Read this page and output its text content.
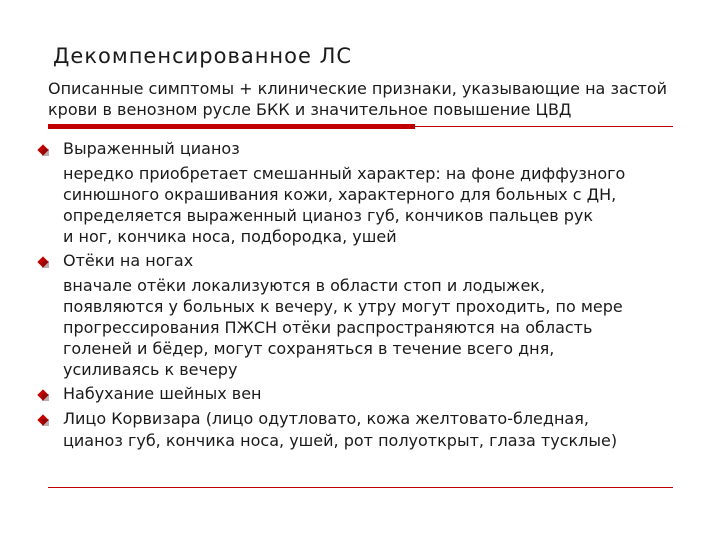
Декомпенсированное ЛС
Описанные симптомы + клинические признаки, указывающие на застой
крови в венозном русле БКК и значительное повышение ЦВД
Выраженный цианоз
нередко приобретает смешанный характер: на фоне диффузного
синюшного окрашивания кожи, характерного для больных с ДН,
определяется выраженный цианоз губ, кончиков пальцев рук
и ног, кончика носа, подбородка, ушей
Отёки на ногах
вначале отёки локализуются в области стоп и лодыжек,
появляются у больных к вечеру, к утру могут проходить, по мере
прогрессирования ПЖСН отёки распространяются на область
голеней и бёдер, могут сохраняться в течение всего дня,
усиливаясь к вечеру
Набухание шейных вен
Лицо Корвизара (лицо одутловато, кожа желтовато-бледная,
цианоз губ, кончика носа, ушей, рот полуоткрыт, глаза тусклые)
